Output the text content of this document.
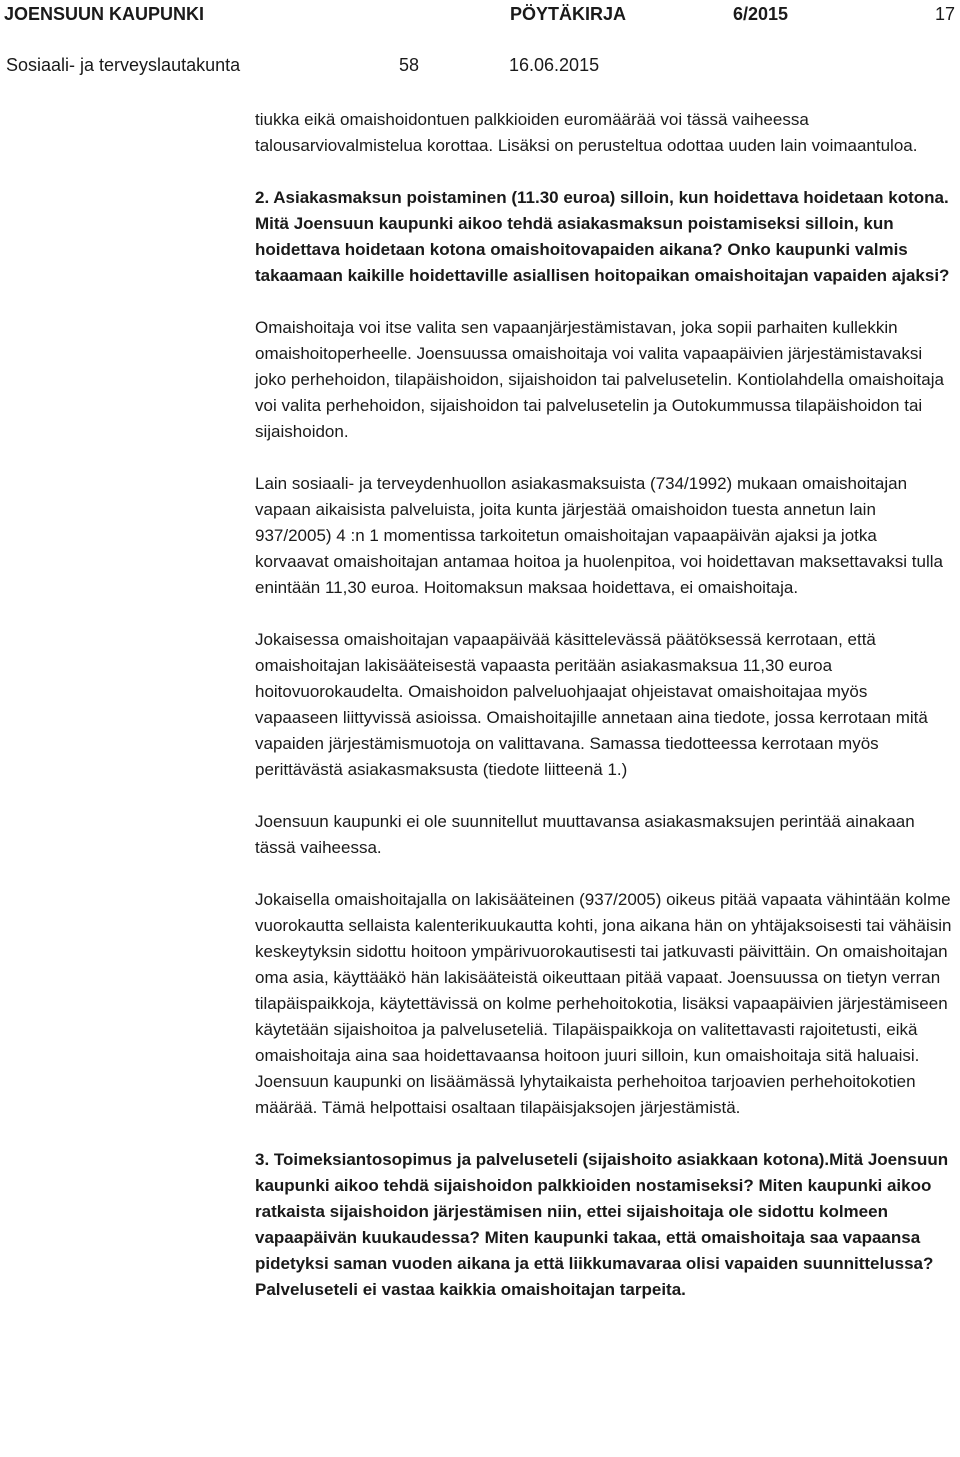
JOENSUUN KAUPUNKI	PÖYTÄKIRJA	6/2015	17
Sosiaali- ja terveyslautakunta	58	16.06.2015

tiukka eikä omaishoidontuen palkkioiden euromäärää voi tässä vaiheessa talousarviovalmistelua korottaa. Lisäksi on perusteltua odottaa uuden lain voimaantuloa.

2. Asiakasmaksun poistaminen (11.30 euroa) silloin, kun hoidettava hoidetaan kotona. Mitä Joensuun kaupunki aikoo tehdä asiakasmaksun poistamiseksi silloin, kun hoidettava hoidetaan kotona omaishoitovapaiden aikana? Onko kaupunki valmis takaamaan kaikille hoidettaville asiallisen hoitopaikan omaishoitajan vapaiden ajaksi?

Omaishoitaja voi itse valita sen vapaanjärjestämistavan, joka sopii parhaiten kullekkin omaishoitoperheelle. Joensuussa omaishoitaja voi valita vapaapäivien järjestämistavaksi joko perhehoidon, tilapäishoidon, sijaishoidon tai palvelusetelin. Kontiolahdella omaishoitaja voi valita perhehoidon, sijaishoidon tai palvelusetelin ja Outokummussa tilapäishoidon tai sijaishoidon.

Lain sosiaali- ja terveydenhuollon asiakasmaksuista (734/1992) mukaan omaishoitajan vapaan aikaisista palveluista, joita kunta järjestää omaishoidon tuesta annetun lain 937/2005) 4 :n 1 momentissa tarkoitetun omaishoitajan vapaapäivän ajaksi ja jotka korvaavat omaishoitajan antamaa hoitoa ja huolenpitoa, voi hoidettavan maksettavaksi tulla enintään 11,30 euroa. Hoitomaksun maksaa hoidettava, ei omaishoitaja.

Jokaisessa omaishoitajan vapaapäivää käsittelevässä päätöksessä kerrotaan, että omaishoitajan lakisääteisestä vapaasta peritään asiakasmaksua 11,30 euroa hoitovuorokaudelta. Omaishoidon palveluohjaajat ohjeistavat omaishoitajaa myös vapaaseen liittyvissä asioissa. Omaishoitajille annetaan aina tiedote, jossa kerrotaan mitä vapaiden järjestämismuotoja on valittavana. Samassa tiedotteessa kerrotaan myös perittävästä asiakasmaksusta (tiedote liitteenä 1.)

Joensuun kaupunki ei ole suunnitellut muuttavansa asiakasmaksujen perintää ainakaan tässä vaiheessa.

Jokaisella omaishoitajalla on lakisääteinen (937/2005) oikeus pitää vapaata vähintään kolme vuorokautta sellaista kalenterikuukautta kohti, jona aikana hän on yhtäjaksoisesti tai vähäisin keskeytyksin sidottu hoitoon ympärivuorokautisesti tai jatkuvasti päivittäin. On omaishoitajan oma asia, käyttääkö hän lakisääteistä oikeuttaan pitää vapaat. Joensuussa on tietyn verran tilapäispaikkoja, käytettävissä on kolme perhehoitokotia, lisäksi vapaapäivien järjestämiseen käytetään sijaishoitoa ja palveluseteliä. Tilapäispaikkoja on valitettavasti rajoitetusti, eikä omaishoitaja aina saa hoidettavaansa hoitoon juuri silloin, kun omaishoitaja sitä haluaisi. Joensuun kaupunki on lisäämässä lyhytaikaista perhehoitoa tarjoavien perhehoitokotien määrää. Tämä helpottaisi osaltaan tilapäisjaksojen järjestämistä.

3. Toimeksiantosopimus ja palveluseteli (sijaishoito asiakkaan kotona).Mitä Joensuun kaupunki aikoo tehdä sijaishoidon palkkioiden nostamiseksi? Miten kaupunki aikoo ratkaista sijaishoidon järjestämisen niin, ettei sijaishoitaja ole sidottu kolmeen vapaapäivän kuukaudessa? Miten kaupunki takaa, että omaishoitaja saa vapaansa pidetyksi saman vuoden aikana ja että liikkumavaraa olisi vapaiden suunnittelussa? Palveluseteli ei vastaa kaikkia omaishoitajan tarpeita.
